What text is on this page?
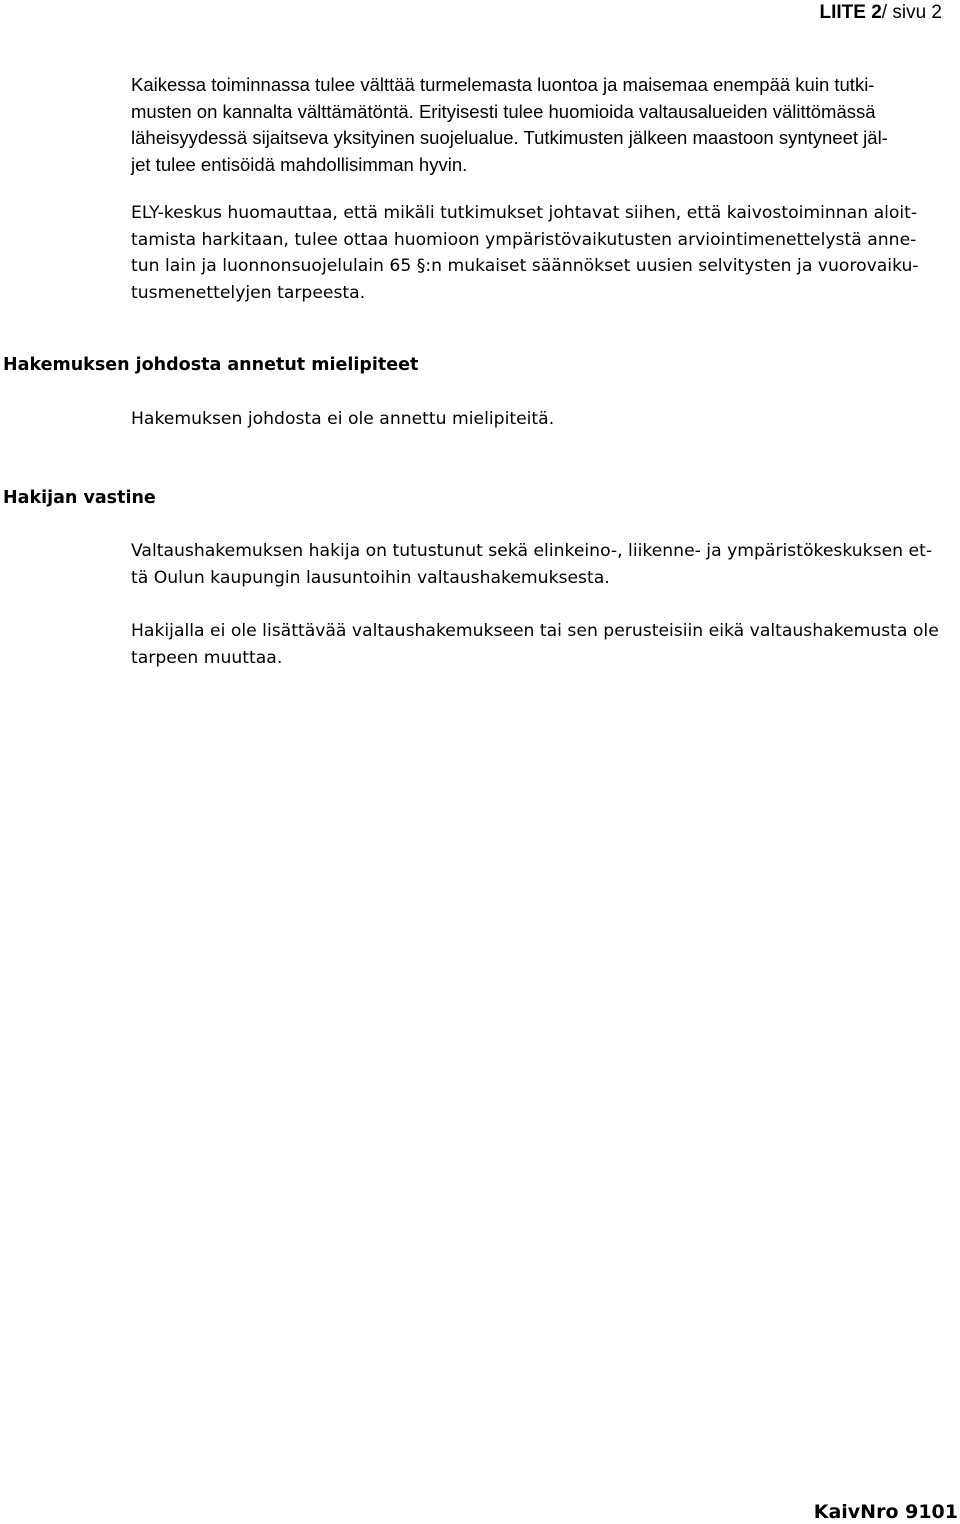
LIITE 2/ sivu 2

Kaikessa toiminnassa tulee välttää turmelemasta luontoa ja maisemaa enempää kuin tutki-
musten on kannalta välttämätöntä. Erityisesti tulee huomioida valtausalueiden välittömässä
läheisyydessä sijaitseva yksityinen suojelualue. Tutkimusten jälkeen maastoon syntyneet jäl-
jet tulee entisöidä mahdollisimman hyvin.

ELY-keskus huomauttaa, että mikäli tutkimukset johtavat siihen, että kaivostoiminnan aloit-
tamista harkitaan, tulee ottaa huomioon ympäristövaikutusten arviointimenettelystä anne-
tun lain ja luonnonsuojelulain 65 §:n mukaiset säännökset uusien selvitysten ja vuorovaiku-
tusmenettelyjen tarpeesta.

Hakemuksen johdosta annetut mielipiteet

Hakemuksen johdosta ei ole annettu mielipiteitä.

Hakijan vastine

Valtaushakemuksen hakija on tutustunut sekä elinkeino-, liikenne- ja ympäristökeskuksen et-
tä Oulun kaupungin lausuntoihin valtaushakemuksesta.

Hakijalla ei ole lisättävää valtaushakemukseen tai sen perusteisiin eikä valtaushakemusta ole
tarpeen muuttaa.

KaivNro 9101
